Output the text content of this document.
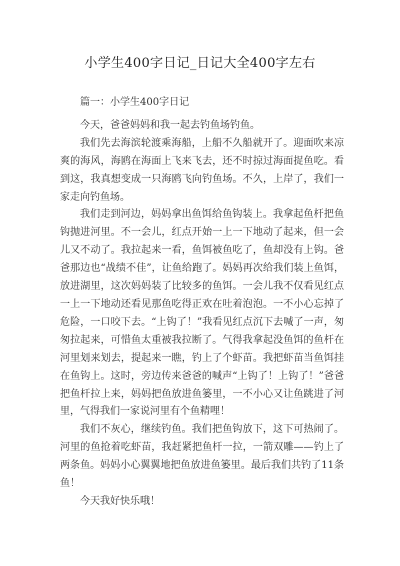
小学生400字日记_日记大全400字左右

篇一：小学生400字日记

今天，爸爸妈妈和我一起去钓鱼场钓鱼。

我们先去海滨轮渡乘海船，上船不久船就开了。迎面吹来凉爽的海风，海鸥在海面上飞来飞去，还不时掠过海面捉鱼吃。看到这，我真想变成一只海鸥飞向钓鱼场。不久，上岸了，我们一家走向钓鱼场。

我们走到河边，妈妈拿出鱼饵给鱼钩装上。我拿起鱼杆把鱼钩抛进河里。不一会儿，红点开始一上一下地动了起来，但一会儿又不动了。我拉起来一看，鱼饵被鱼吃了，鱼却没有上钩。爸爸那边也“战绩不佳”，让鱼给跑了。妈妈再次给我们装上鱼饵，放进湖里，这次妈妈装了比较多的鱼饵。一会儿我不仅看见红点一上一下地动还看见那鱼吃得正欢在吐着泡泡。一不小心忘掉了危险，一口咬下去。“上钩了！”我看见红点沉下去喊了一声，匆匆拉起来，可惜鱼太重被我拉断了。气得我拿起没鱼饵的鱼杆在河里划来划去，提起来一瞧，钓上了个虾苗。我把虾苗当鱼饵挂在鱼钩上。这时，旁边传来爸爸的喊声“上钩了！上钩了！”爸爸把鱼杆拉上来，妈妈把鱼放进鱼篓里，一不小心又让鱼跳进了河里，气得我们一家说河里有个鱼精哩！

我们不灰心，继续钓鱼。我们把鱼钩放下，这下可热闹了。河里的鱼抢着吃虾苗，我赶紧把鱼杆一拉，一箭双雕——钓上了两条鱼。妈妈小心翼翼地把鱼放进鱼篓里。最后我们共钓了11条鱼！

今天我好快乐哦！
